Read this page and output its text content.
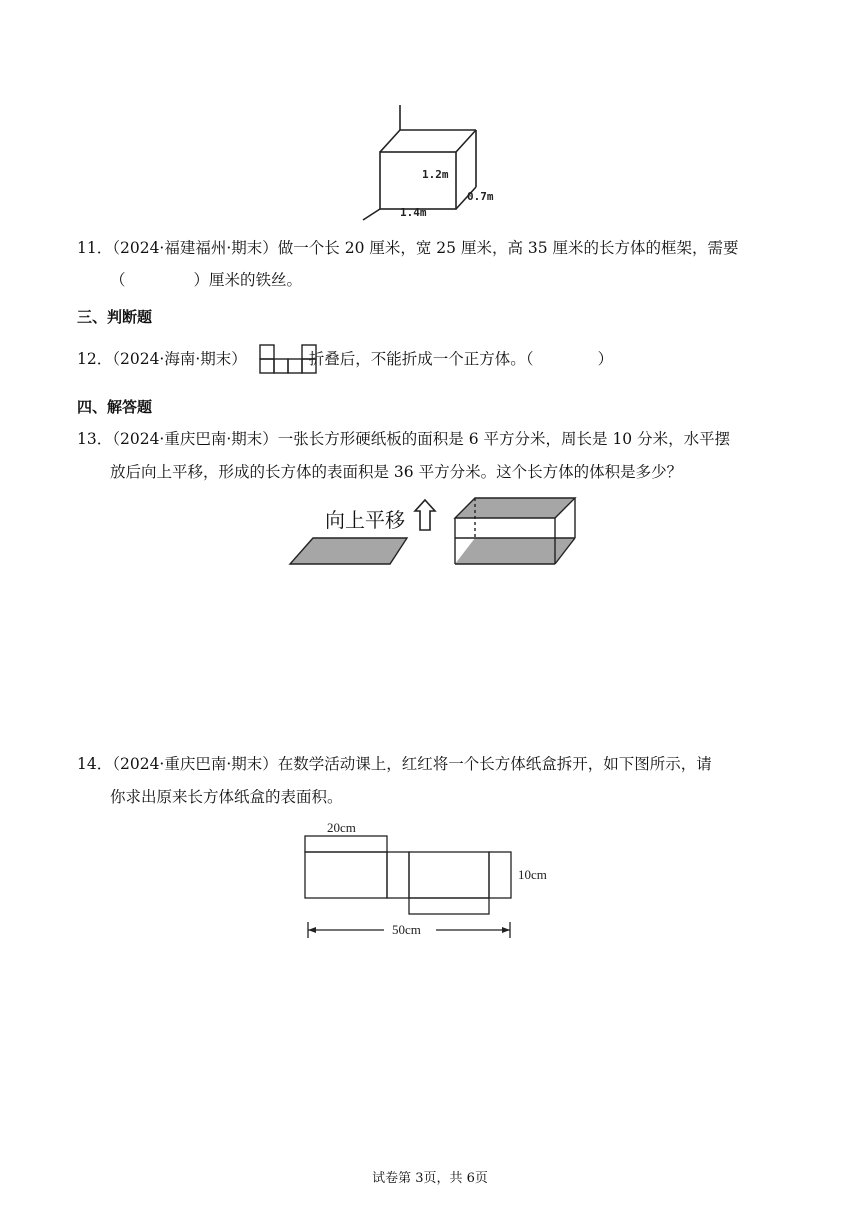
1.2m
0.7m
1.4m
11．（2024·福建福州·期末）做一个长 20 厘米，宽 25 厘米，高 35 厘米的长方体的框架，需要
（	）厘米的铁丝。
三、判断题
12．（2024·海南·期末）	折叠后，不能折成一个正方体。（	）
四、解答题
13．（2024·重庆巴南·期末）一张长方形硬纸板的面积是 6 平方分米，周长是 10 分米，水平摆
放后向上平移，形成的长方体的表面积是 36 平方分米。这个长方体的体积是多少？
向上平移
14．（2024·重庆巴南·期末）在数学活动课上，红红将一个长方体纸盒拆开，如下图所示，请
你求出原来长方体纸盒的表面积。
20cm
10cm
50cm
试卷第 3页，共 6页
